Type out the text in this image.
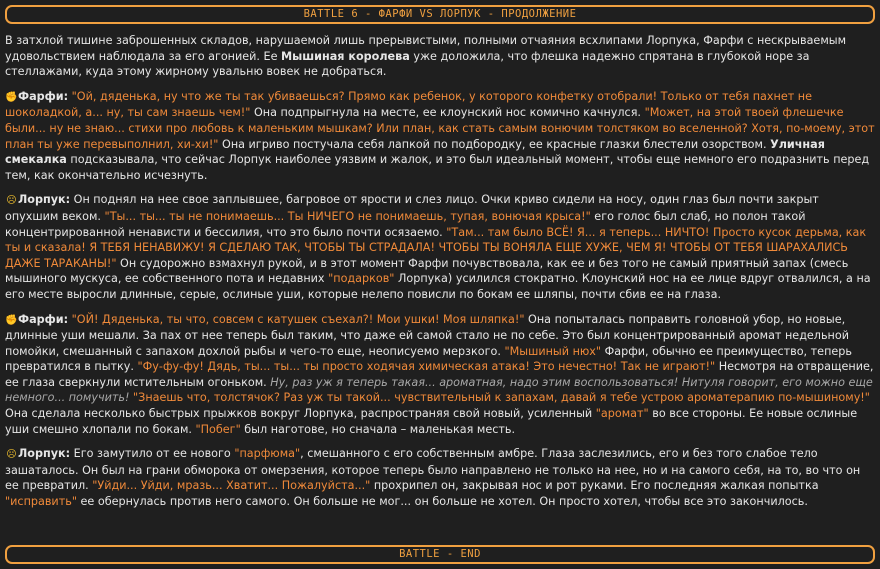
BATTLE 6 - ФАРФИ VS ЛОРПУК - ПРОДОЛЖЕНИЕ

В затхлой тишине заброшенных складов, нарушаемой лишь прерывистыми, полными отчаяния всхлипами Лорпука, Фарфи с нескрываемым удовольствием наблюдала за его агонией. Ее Мышиная королева уже доложила, что флешка надежно спрятана в глубокой норе за стеллажами, куда этому жирному увальню вовек не добраться.

✊Фарфи: "Ой, дяденька, ну что же ты так убиваешься? Прямо как ребенок, у которого конфетку отобрали! Только от тебя пахнет не шоколадкой, а... ну, ты сам знаешь чем!" Она подпрыгнула на месте, ее клоунский нос комично качнулся. "Может, на этой твоей флешечке были... ну не знаю... стихи про любовь к маленьким мышкам? Или план, как стать самым вонючим толстяком во вселенной? Хотя, по-моему, этот план ты уже перевыполнил, хи-хи!" Она игриво постучала себя лапкой по подбородку, ее красные глазки блестели озорством. Уличная смекалка подсказывала, что сейчас Лорпук наиболее уязвим и жалок, и это был идеальный момент, чтобы еще немного его подразнить перед тем, как окончательно исчезнуть.

☹Лорпук: Он поднял на нее свое заплывшее, багровое от ярости и слез лицо. Очки криво сидели на носу, один глаз был почти закрыт опухшим веком. "Ты... ты... ты не понимаешь... Ты НИЧЕГО не понимаешь, тупая, вонючая крыса!" его голос был слаб, но полон такой концентрированной ненависти и бессилия, что это было почти осязаемо. "Там... там было ВСЁ! Я... я теперь... НИЧТО! Просто кусок дерьма, как ты и сказала! Я ТЕБЯ НЕНАВИЖУ! Я СДЕЛАЮ ТАК, ЧТОБЫ ТЫ СТРАДАЛА! ЧТОБЫ ТЫ ВОНЯЛА ЕЩЕ ХУЖЕ, ЧЕМ Я! ЧТОБЫ ОТ ТЕБЯ ШАРАХАЛИСЬ ДАЖЕ ТАРАКАНЫ!" Он судорожно взмахнул рукой, и в этот момент Фарфи почувствовала, как ее и без того не самый приятный запах (смесь мышиного мускуса, ее собственного пота и недавних "подарков" Лорпука) усилился стократно. Клоунский нос на ее лице вдруг отвалился, а на его месте выросли длинные, серые, ослиные уши, которые нелепо повисли по бокам ее шляпы, почти сбив ее на глаза.

✊Фарфи: "ОЙ! Дяденька, ты что, совсем с катушек съехал?! Мои ушки! Моя шляпка!" Она попыталась поправить головной убор, но новые, длинные уши мешали. За пах от нее теперь был таким, что даже ей самой стало не по себе. Это был концентрированный аромат недельной помойки, смешанный с запахом дохлой рыбы и чего-то еще, неописуемо мерзкого. "Мышиный нюх" Фарфи, обычно ее преимущество, теперь превратился в пытку. "Фу-фу-фу! Дядь, ты... ты... ты просто ходячая химическая атака! Это нечестно! Так не играют!" Несмотря на отвращение, ее глаза сверкнули мстительным огоньком. Ну, раз уж я теперь такая... ароматная, надо этим воспользоваться! Нитуля говорит, его можно еще немного... помучить! "Знаешь что, толстячок? Раз уж ты такой... чувствительный к запахам, давай я тебе устрою ароматерапию по-мышиному!" Она сделала несколько быстрых прыжков вокруг Лорпука, распространяя свой новый, усиленный "аромат" во все стороны. Ее новые ослиные уши смешно хлопали по бокам. "Побег" был наготове, но сначала – маленькая месть.

☹Лорпук: Его замутило от ее нового "парфюма", смешанного с его собственным амбре. Глаза заслезились, его и без того слабое тело зашаталось. Он был на грани обморока от омерзения, которое теперь было направлено не только на нее, но и на самого себя, на то, во что он ее превратил. "Уйди... Уйди, мразь... Хватит... Пожалуйста..." прохрипел он, закрывая нос и рот руками. Его последняя жалкая попытка "исправить" ее обернулась против него самого. Он больше не мог... он больше не хотел. Он просто хотел, чтобы все это закончилось.

BATTLE - END
